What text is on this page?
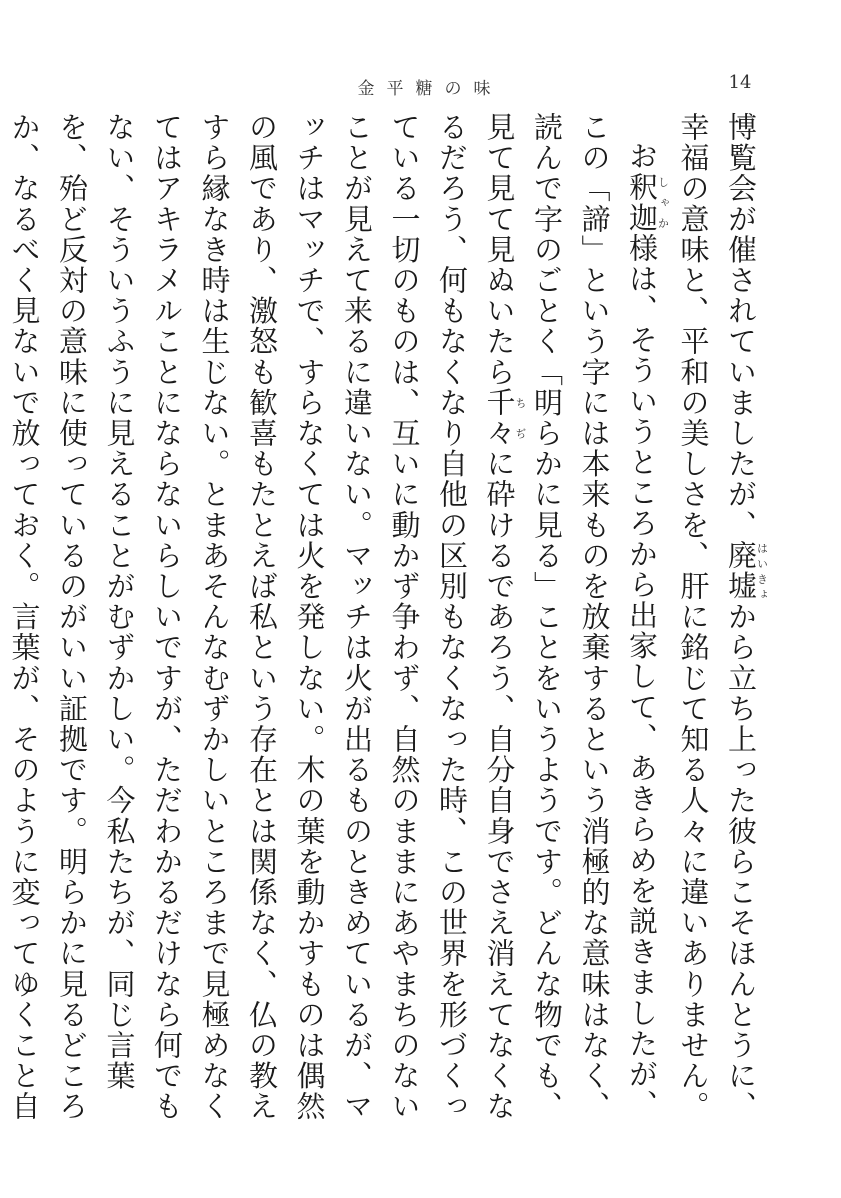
金平糖の味	14

博覧会が催されていましたが、廃墟はいきょから立ち上った彼らこそほんとうに、幸福の意味と、平和の美しさを、肝に銘じて知る人々に違いありません。

お釈迦しゃか様は、そういうところから出家して、あきらめを説きましたが、この「諦」という字には本来ものを放棄するという消極的な意味はなく、読んで字のごとく「明らかに見る」ことをいうようです。どんな物でも、見て見て見ぬいたら千々ちぢに砕けるであろう、自分自身でさえ消えてなくなるだろう、何もなくなり自他の区別もなくなった時、この世界を形づくっている一切のものは、互いに動かず争わず、自然のままにあやまちのないことが見えて来るに違いない。マッチは火が出るものときめているが、マッチはマッチで、すらなくては火を発しない。木の葉を動かすものは偶然の風であり、激怒も歓喜もたとえば私という存在とは関係なく、仏の教えすら縁なき時は生じない。とまあそんなむずかしいところまで見極めなくてはアキラメルことにならないらしいですが、ただわかるだけなら何でもない、そういうふうに見えることがむずかしい。今私たちが、同じ言葉を、殆ど反対の意味に使っているのがいい証拠です。明らかに見るどころか、なるべく見ないで放っておく。言葉が、そのように変ってゆくこと自
